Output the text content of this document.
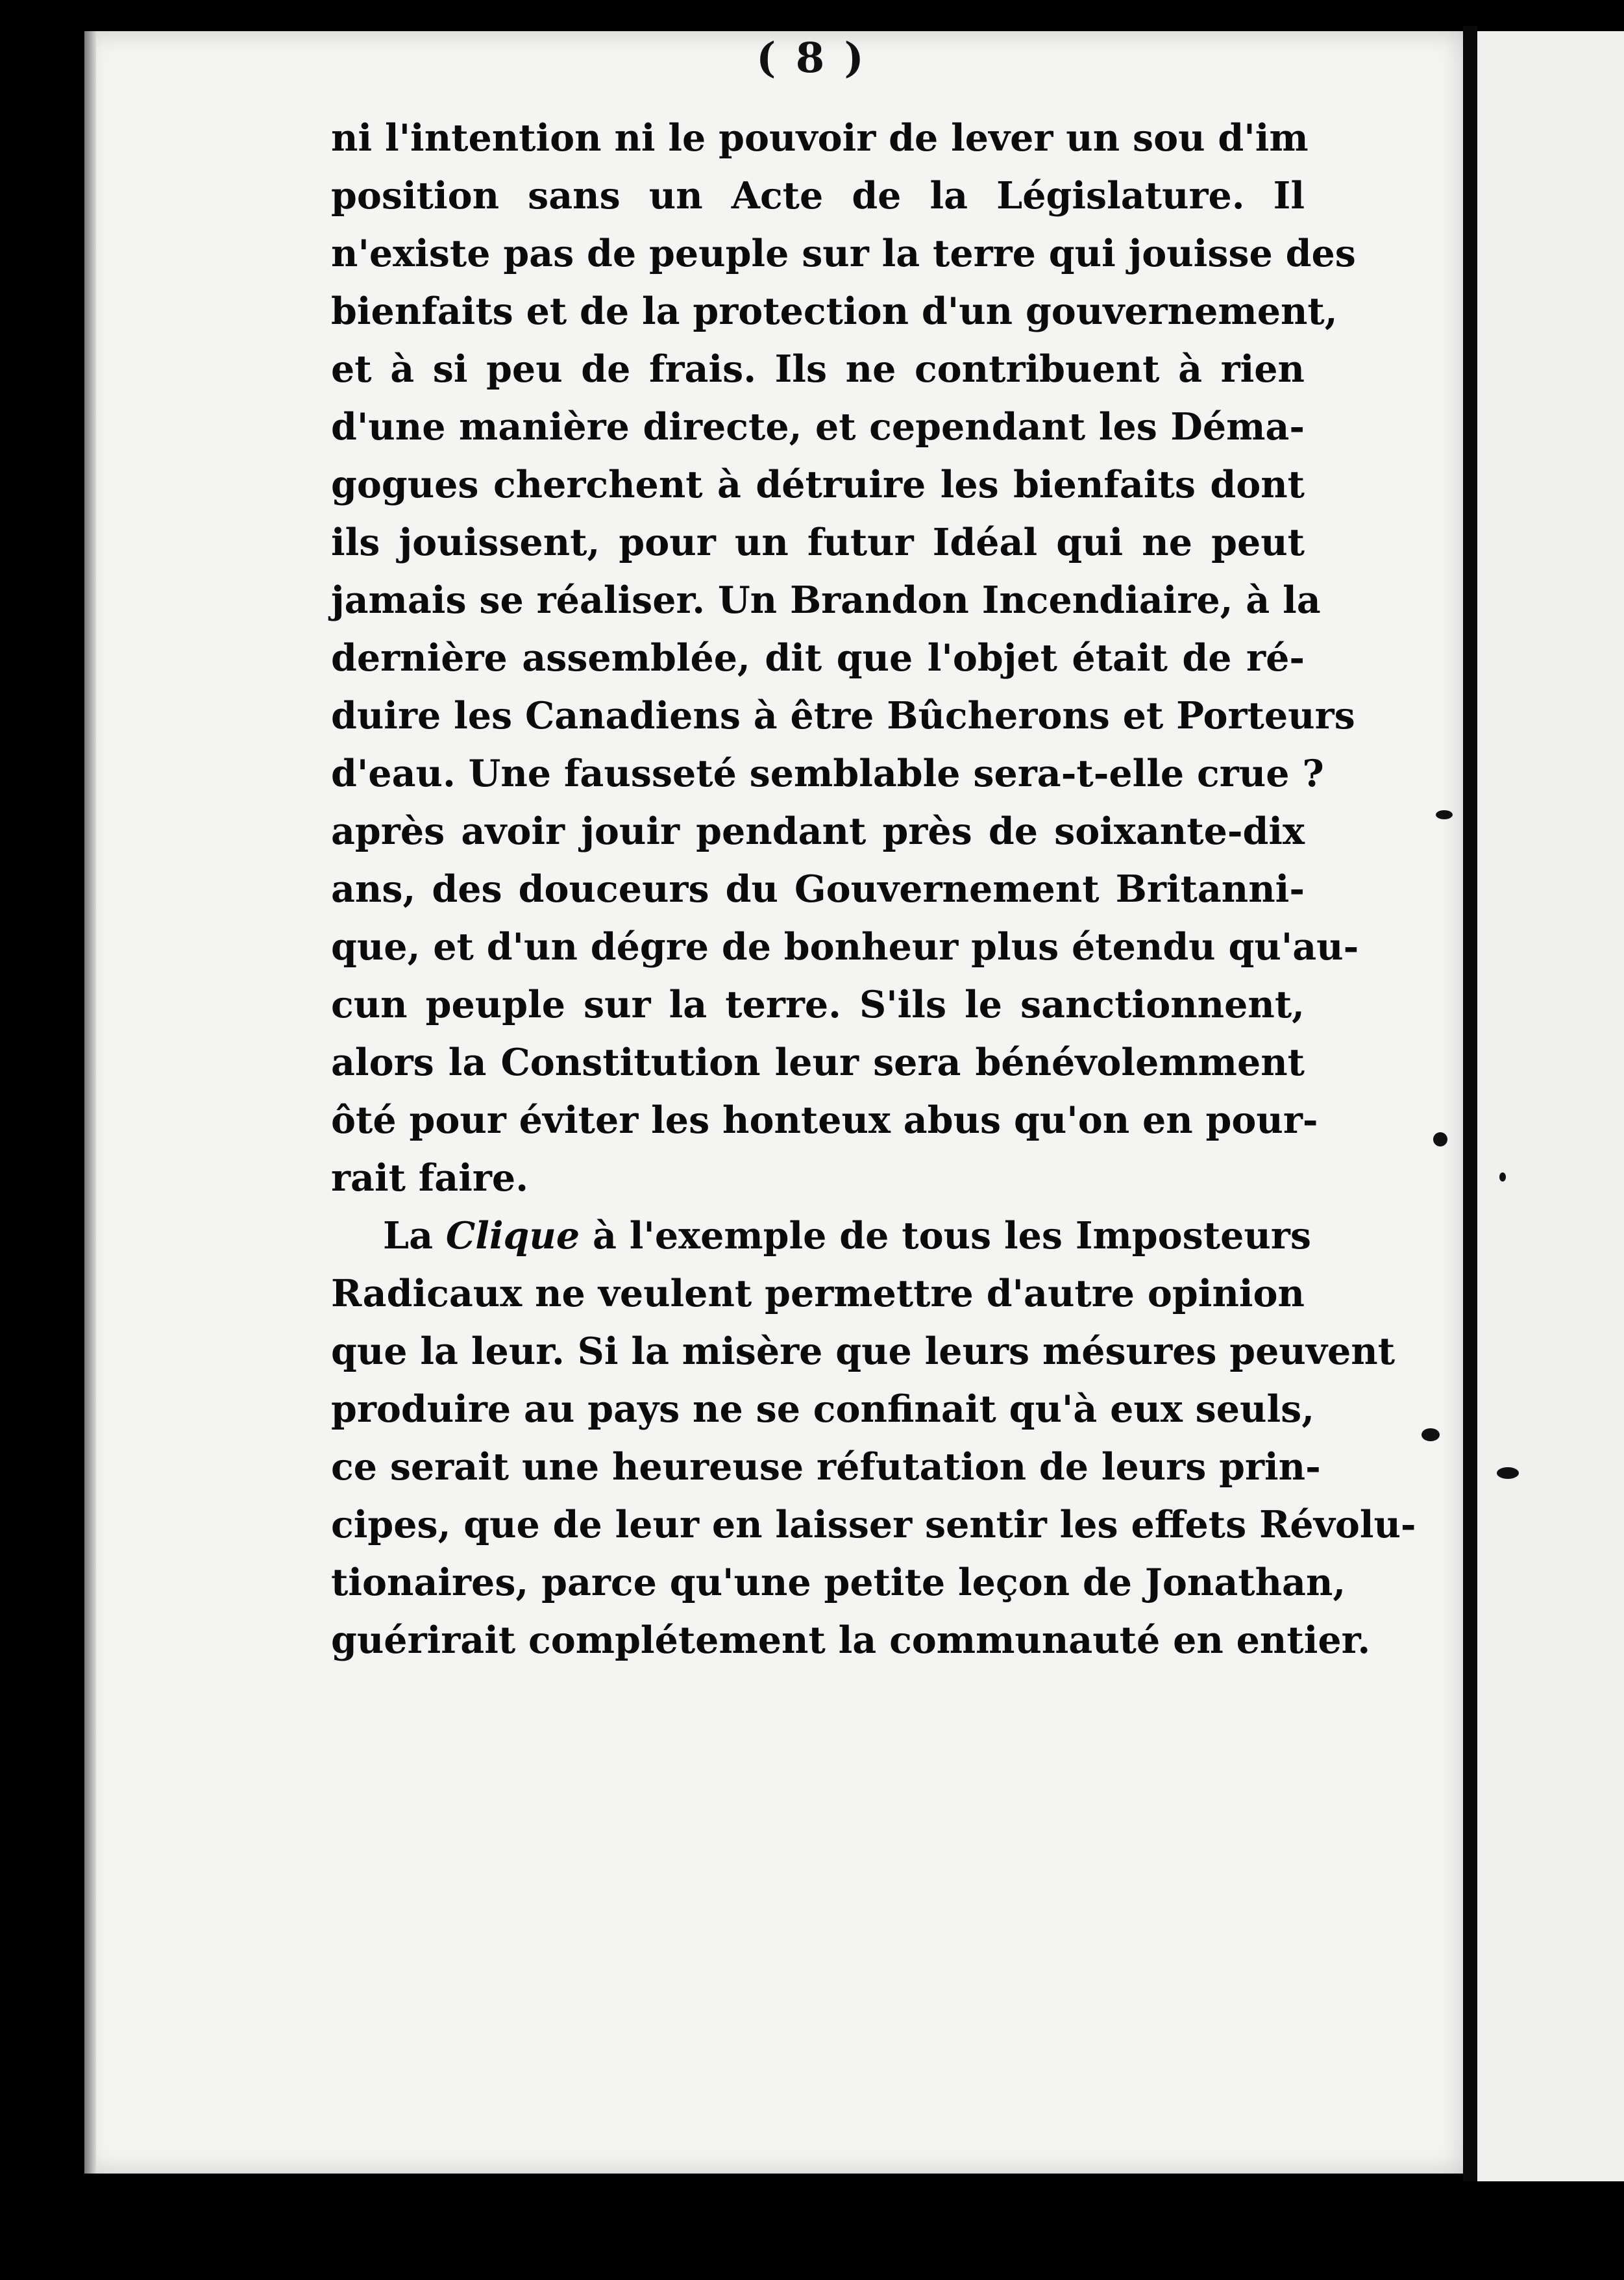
( 8 )
ni l'intention ni le pouvoir de lever un sou d'im
position sans un Acte de la Législature. Il
n'existe pas de peuple sur la terre qui jouisse des
bienfaits et de la protection d'un gouvernement,
et à si peu de frais. Ils ne contribuent à rien
d'une manière directe, et cependant les Déma-
gogues cherchent à détruire les bienfaits dont
ils jouissent, pour un futur Idéal qui ne peut
jamais se réaliser. Un Brandon Incendiaire, à la
dernière assemblée, dit que l'objet était de ré-
duire les Canadiens à être Bûcherons et Porteurs
d'eau. Une fausseté semblable sera-t-elle crue ?
après avoir jouir pendant près de soixante-dix
ans, des douceurs du Gouvernement Britanni-
que, et d'un dégre de bonheur plus étendu qu'au-
cun peuple sur la terre. S'ils le sanctionnent,
alors la Constitution leur sera bénévolemment
ôté pour éviter les honteux abus qu'on en pour-
rait faire.
La Clique à l'exemple de tous les Imposteurs
Radicaux ne veulent permettre d'autre opinion
que la leur. Si la misère que leurs mésures peuvent
produire au pays ne se confinait qu'à eux seuls,
ce serait une heureuse réfutation de leurs prin-
cipes, que de leur en laisser sentir les effets Révolu-
tionaires, parce qu'une petite leçon de Jonathan,
guérirait complétement la communauté en entier.
